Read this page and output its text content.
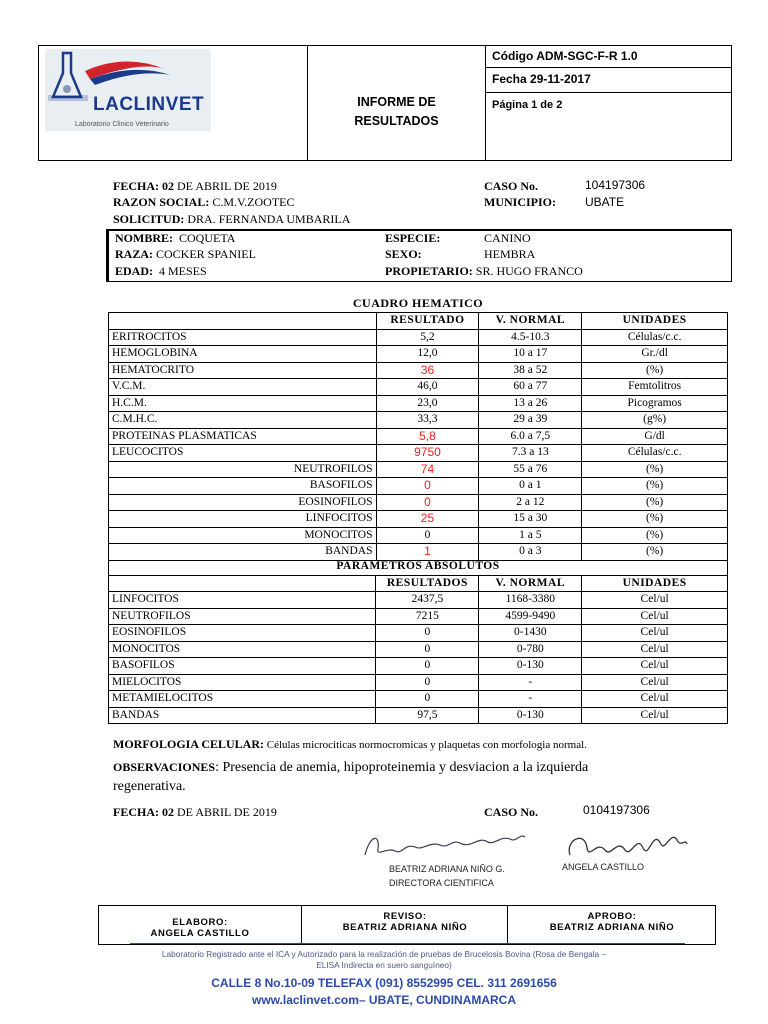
LACLINVET
Laboratorio Clinico Veterinario
INFORME DE
RESULTADOS
Código ADM-SGC-F-R 1.0
Fecha 29-11-2017
Página 1 de 2
FECHA: 02 DE ABRIL DE 2019
RAZON SOCIAL: C.M.V.ZOOTEC
SOLICITUD: DRA. FERNANDA UMBARILA
CASO No.	104197306
MUNICIPIO: UBATE
NOMBRE: COQUETA
RAZA: COCKER SPANIEL
EDAD: 4 MESES
ESPECIE:	CANINO
SEXO:	HEMBRA
PROPIETARIO: SR. HUGO FRANCO
CUADRO HEMATICO
	RESULTADO	V. NORMAL	UNIDADES
ERITROCITOS	5,2	4.5-10.3	Células/c.c.
HEMOGLOBINA	12,0	10 a 17	Gr./dl
HEMATOCRITO	36	38 a 52	(%)
V.C.M.	46,0	60 a 77	Femtolitros
H.C.M.	23,0	13 a 26	Picogramos
C.M.H.C.	33,3	29 a 39	(g%)
PROTEINAS PLASMATICAS	5,8	6.0 a 7,5	G/dl
LEUCOCITOS	9750	7.3 a 13	Células/c.c.
NEUTROFILOS	74	55 a 76	(%)
BASOFILOS	0	0 a 1	(%)
EOSINOFILOS	0	2 a 12	(%)
LINFOCITOS	25	15 a 30	(%)
MONOCITOS	0	1 a 5	(%)
BANDAS	1	0 a 3	(%)
PARAMETROS ABSOLUTOS			
	RESULTADOS	V. NORMAL	UNIDADES
LINFOCITOS	2437,5	1168-3380	Cel/ul
NEUTROFILOS	7215	4599-9490	Cel/ul
EOSINOFILOS	0	0-1430	Cel/ul
MONOCITOS	0	0-780	Cel/ul
BASOFILOS	0	0-130	Cel/ul
MIELOCITOS	0	-	Cel/ul
METAMIELOCITOS	0	-	Cel/ul
BANDAS	97,5	0-130	Cel/ul
MORFOLOGIA CELULAR: Células microciticas normocromicas y plaquetas con morfologia normal.
OBSERVACIONES: Presencia de anemia, hipoproteinemia y desviacion a la izquierda regenerativa.
FECHA: 02 DE ABRIL DE 2019	CASO No.	0104197306
BEATRIZ ADRIANA NIÑO G.
DIRECTORA CIENTIFICA
ANGELA CASTILLO
ELABORO:
ANGELA CASTILLO
REVISO:
BEATRIZ ADRIANA NIÑO
APROBO:
BEATRIZ ADRIANA NIÑO
Laboratorio Registrado ante el ICA y Autorizado para la realización de pruebas de Brucelosis Bovina (Rosa de Bengala –
ELISA Indirecta en suero sanguíneo)
CALLE 8 No.10-09 TELEFAX (091) 8552995 CEL. 311 2691656
www.laclinvet.com– UBATE, CUNDINAMARCA
